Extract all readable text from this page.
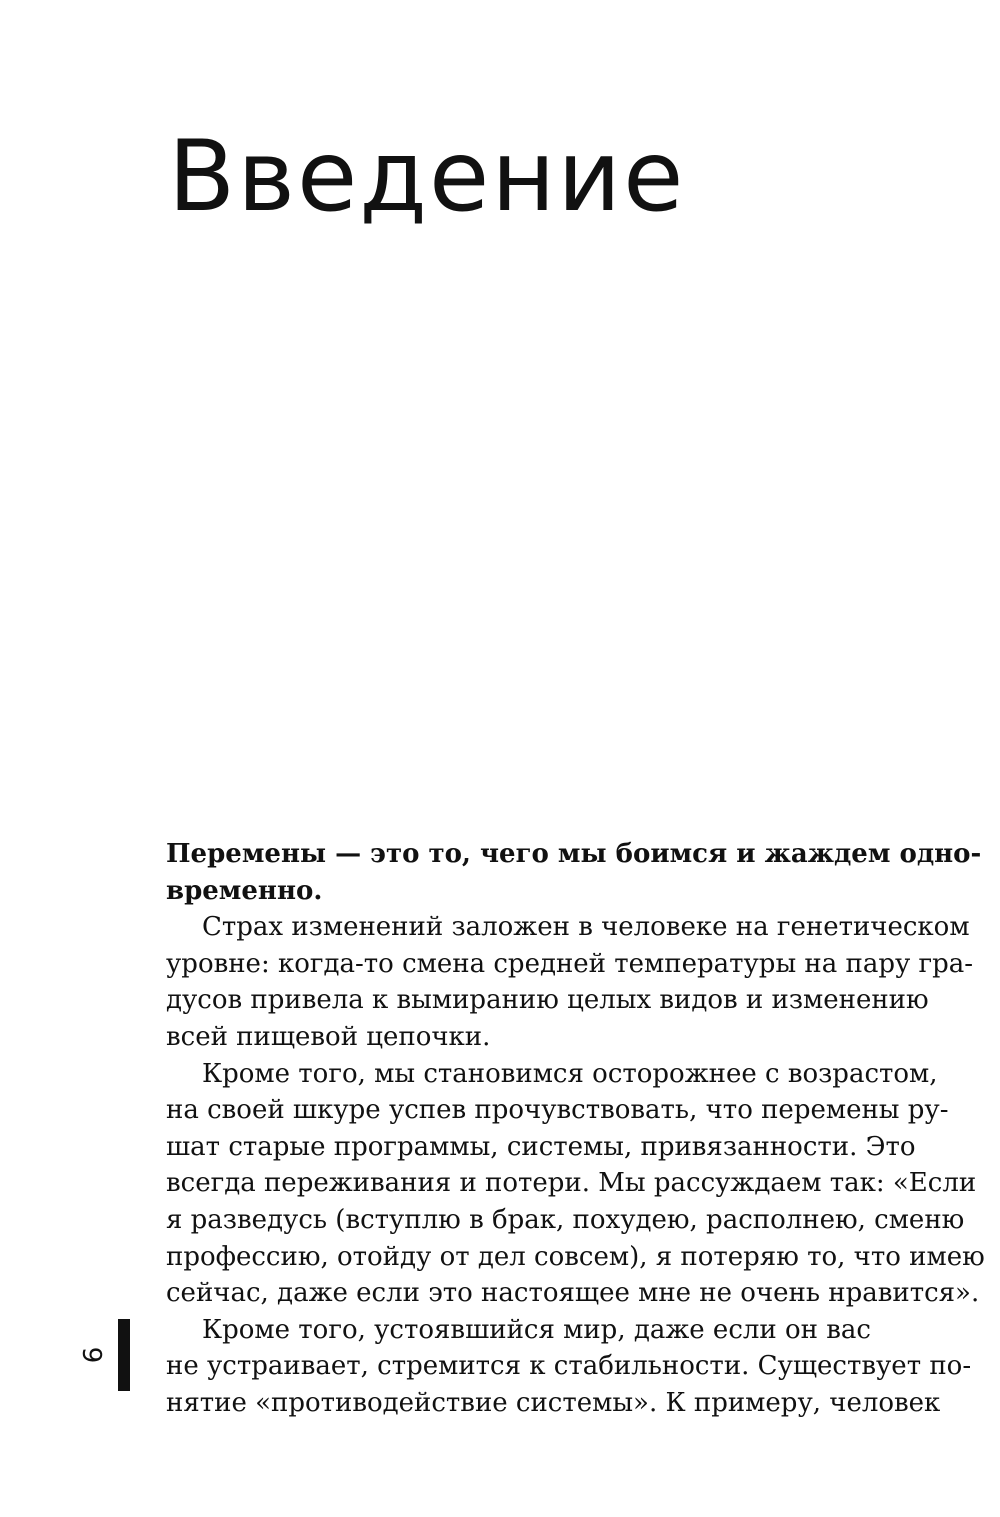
Введение
Перемены — это то, чего мы боимся и жаждем одно-
временно.
Страх изменений заложен в человеке на генетическом
уровне: когда-то смена средней температуры на пару гра-
дусов привела к вымиранию целых видов и изменению
всей пищевой цепочки.
Кроме того, мы становимся осторожнее с возрастом,
на своей шкуре успев прочувствовать, что перемены ру-
шат старые программы, системы, привязанности. Это
всегда переживания и потери. Мы рассуждаем так: «Если
я разведусь (вступлю в брак, похудею, располнею, сменю
профессию, отойду от дел совсем), я потеряю то, что имею
сейчас, даже если это настоящее мне не очень нравится».
Кроме того, устоявшийся мир, даже если он вас
не устраивает, стремится к стабильности. Существует по-
нятие «противодействие системы». К примеру, человек
6
